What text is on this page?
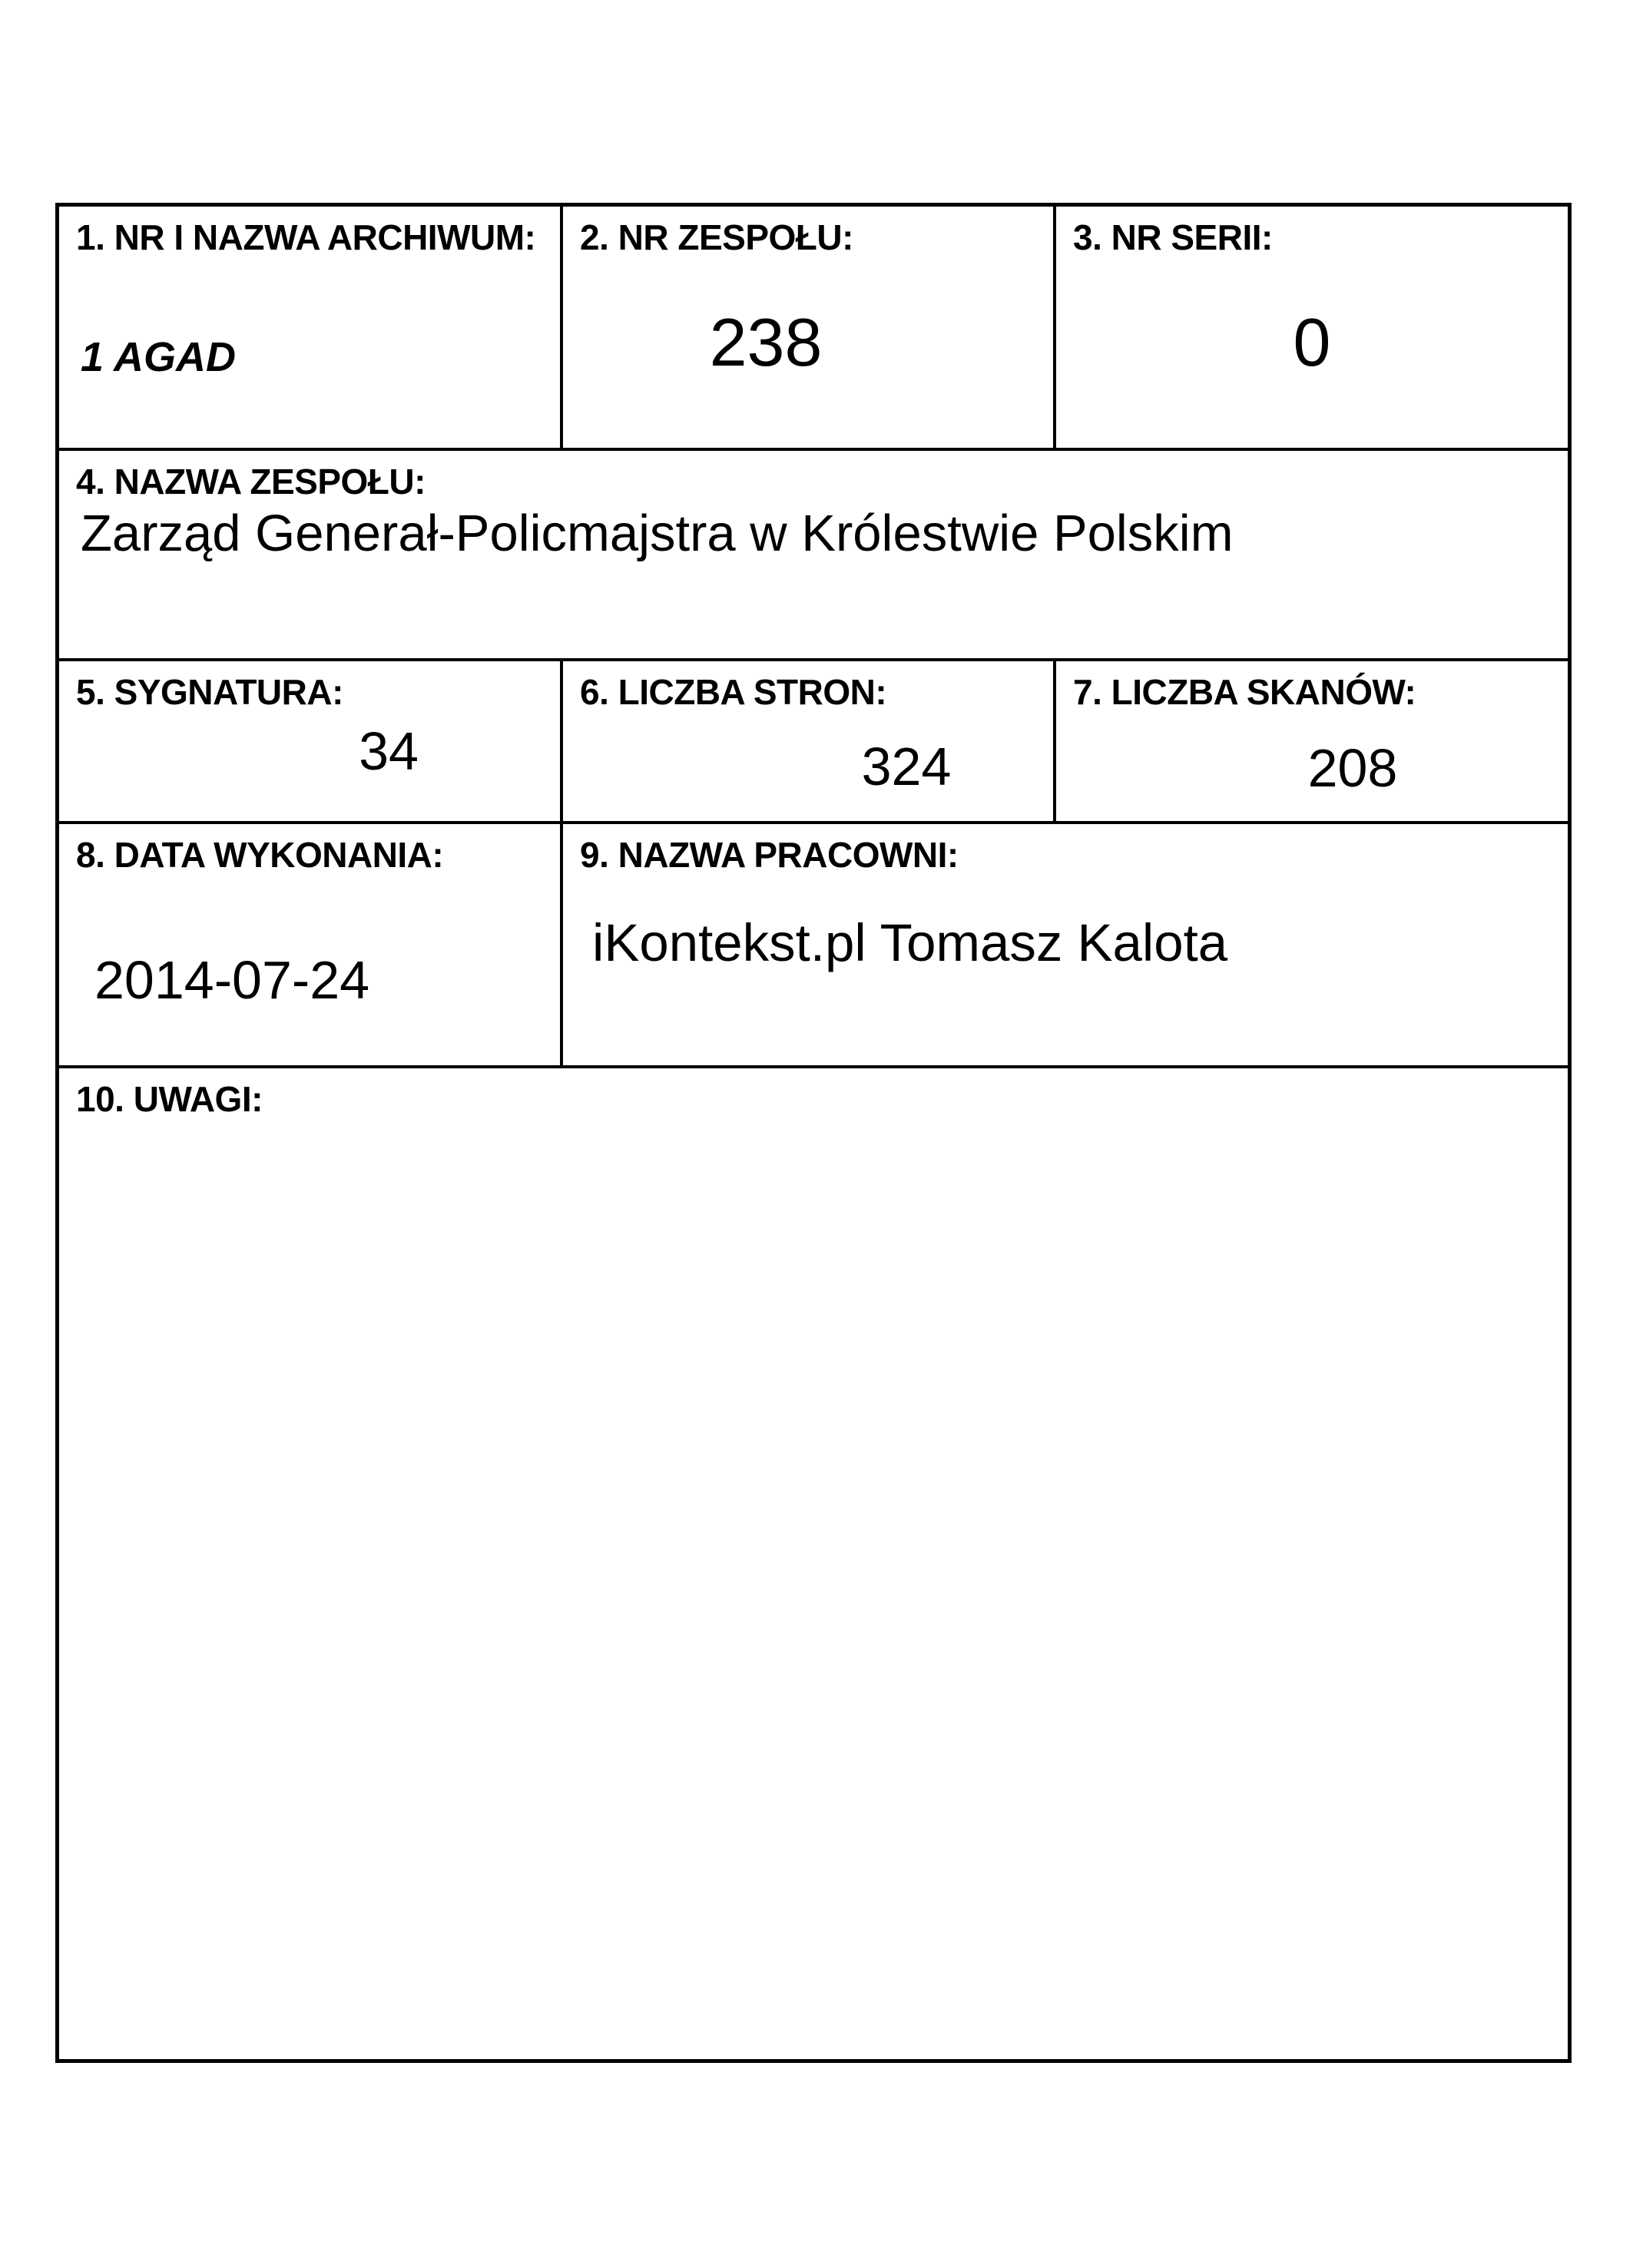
1. NR I NAZWA ARCHIWUM:
1 AGAD
2. NR ZESPOŁU:
238
3. NR SERII:
0
4. NAZWA ZESPOŁU:
Zarząd Generał-Policmajstra w Królestwie Polskim
5. SYGNATURA:
34
6. LICZBA STRON:
324
7. LICZBA SKANÓW:
208
8. DATA WYKONANIA:
2014-07-24
9. NAZWA PRACOWNI:
iKontekst.pl Tomasz Kalota
10. UWAGI:
